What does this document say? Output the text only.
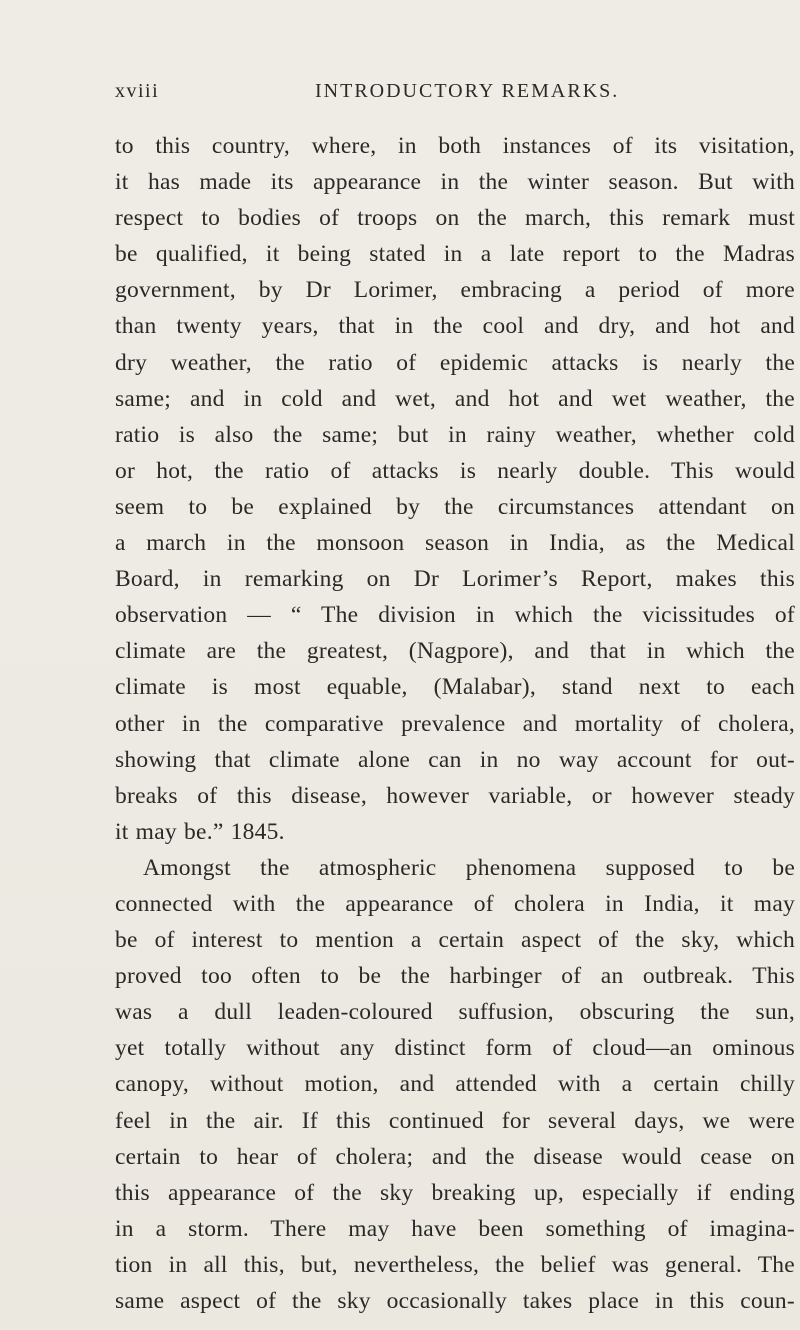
xviii	INTRODUCTORY REMARKS.
to this country, where, in both instances of its visitation,
it has made its appearance in the winter season. But with
respect to bodies of troops on the march, this remark must
be qualified, it being stated in a late report to the Madras
government, by Dr Lorimer, embracing a period of more
than twenty years, that in the cool and dry, and hot and
dry weather, the ratio of epidemic attacks is nearly the
same; and in cold and wet, and hot and wet weather, the
ratio is also the same; but in rainy weather, whether cold
or hot, the ratio of attacks is nearly double. This would
seem to be explained by the circumstances attendant on
a march in the monsoon season in India, as the Medical
Board, in remarking on Dr Lorimer’s Report, makes this
observation — “ The division in which the vicissitudes of
climate are the greatest, (Nagpore), and that in which the
climate is most equable, (Malabar), stand next to each
other in the comparative prevalence and mortality of cholera,
showing that climate alone can in no way account for out-
breaks of this disease, however variable, or however steady
it may be.” 1845.
Amongst the atmospheric phenomena supposed to be
connected with the appearance of cholera in India, it may
be of interest to mention a certain aspect of the sky, which
proved too often to be the harbinger of an outbreak. This
was a dull leaden-coloured suffusion, obscuring the sun,
yet totally without any distinct form of cloud—an ominous
canopy, without motion, and attended with a certain chilly
feel in the air. If this continued for several days, we were
certain to hear of cholera; and the disease would cease on
this appearance of the sky breaking up, especially if ending
in a storm. There may have been something of imagina-
tion in all this, but, nevertheless, the belief was general. The
same aspect of the sky occasionally takes place in this coun-
